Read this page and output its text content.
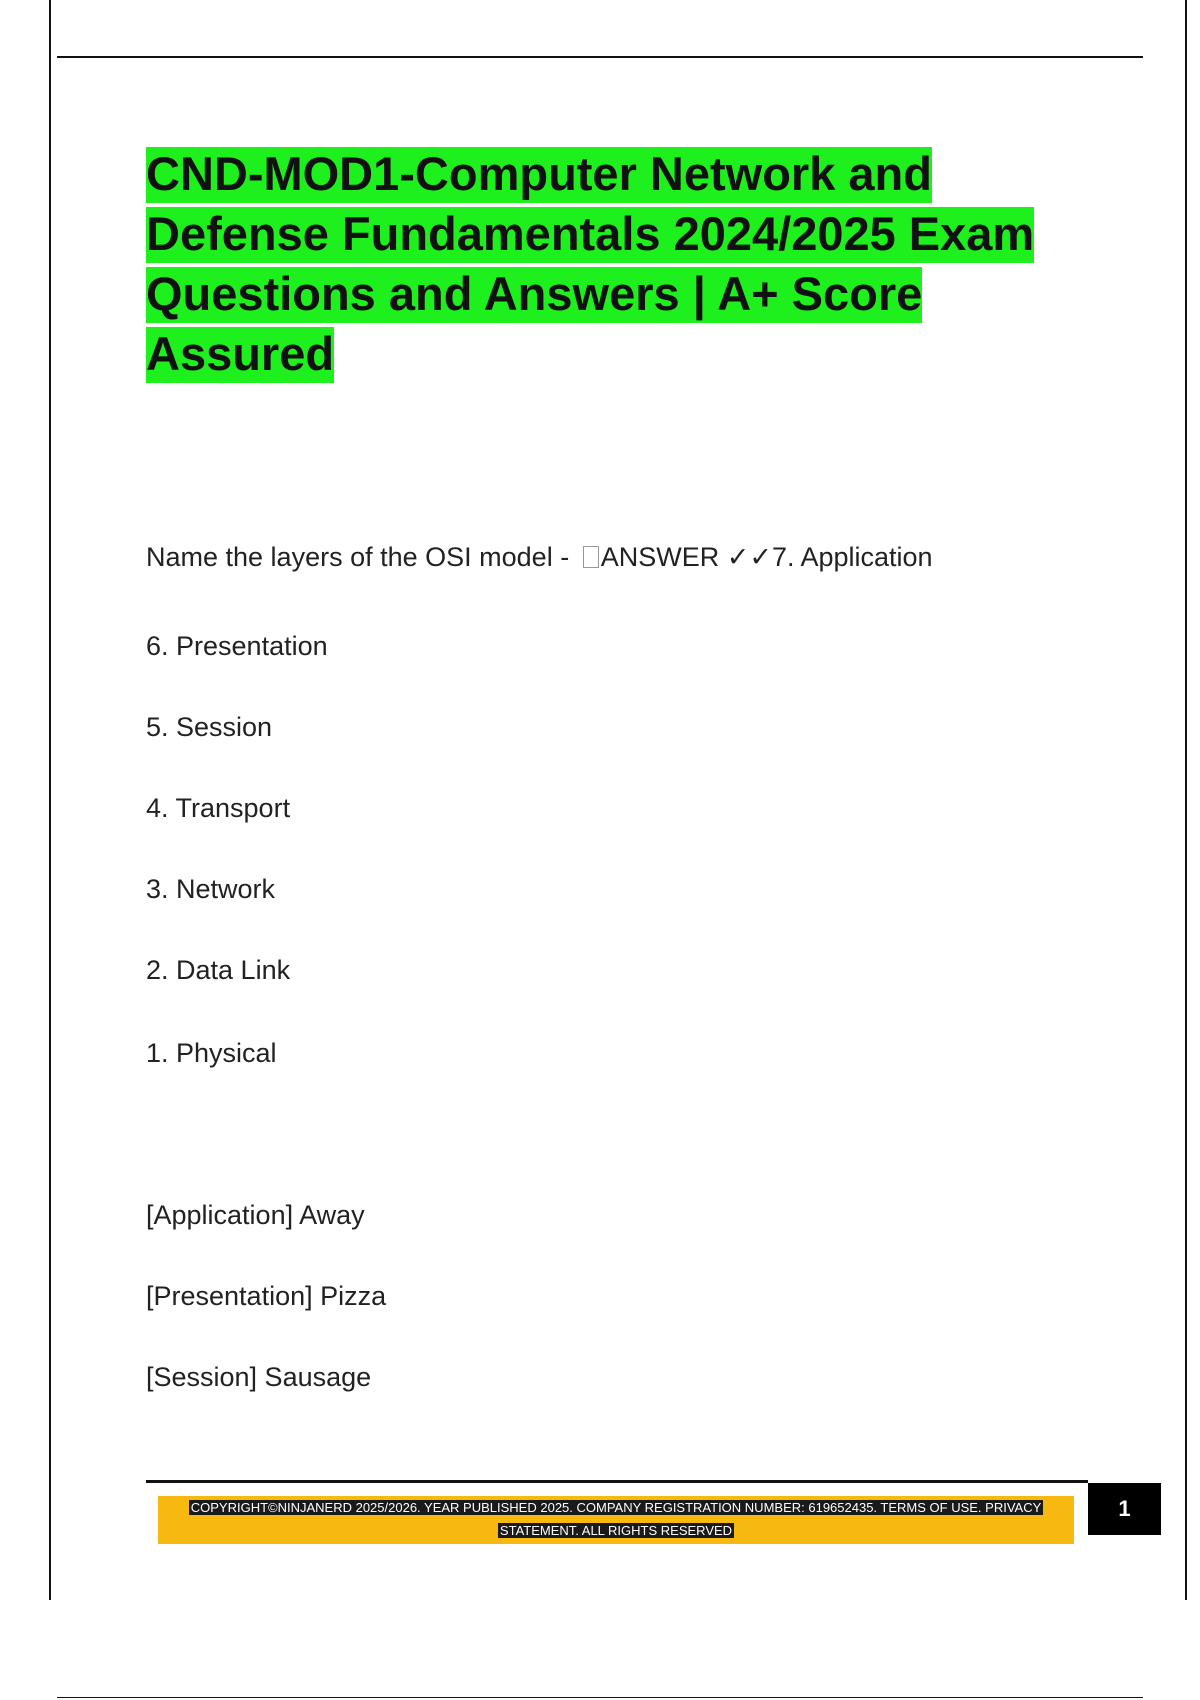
CND-MOD1-Computer Network and Defense Fundamentals 2024/2025 Exam Questions and Answers | A+ Score Assured
Name the layers of the OSI model - ANSWER ✓✓7. Application
6. Presentation
5. Session
4. Transport
3. Network
2. Data Link
1. Physical
[Application] Away
[Presentation] Pizza
[Session] Sausage
COPYRIGHT©NINJANERD 2025/2026. YEAR PUBLISHED 2025. COMPANY REGISTRATION NUMBER: 619652435. TERMS OF USE. PRIVACY STATEMENT. ALL RIGHTS RESERVED
1
